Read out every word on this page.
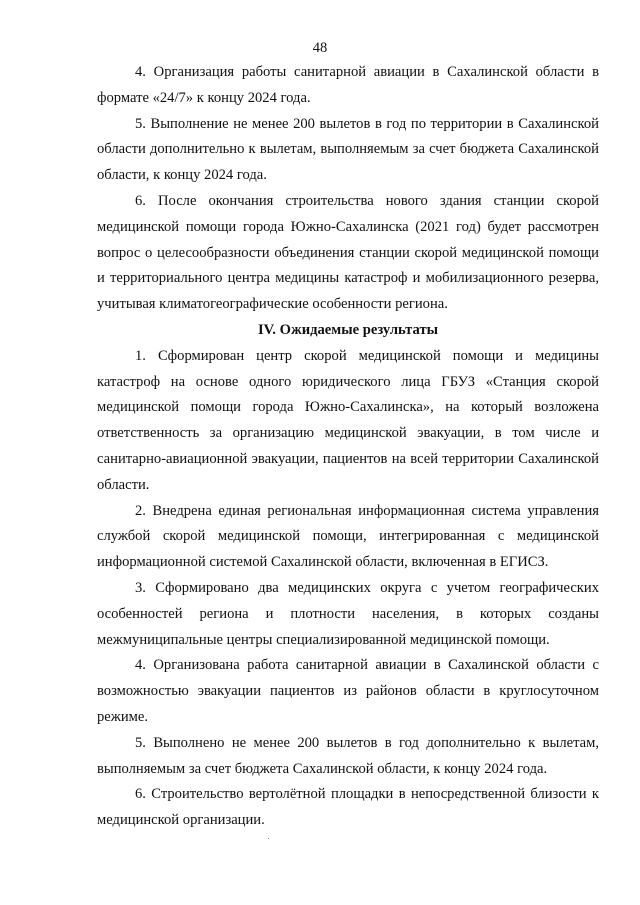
48

4. Организация работы санитарной авиации в Сахалинской области в формате «24/7» к концу 2024 года.

5. Выполнение не менее 200 вылетов в год по территории в Сахалинской области дополнительно к вылетам, выполняемым за счет бюджета Сахалинской области, к концу 2024 года.

6. После окончания строительства нового здания станции скорой медицинской помощи города Южно-Сахалинска (2021 год) будет рассмотрен вопрос о целесообразности объединения станции скорой медицинской помощи и территориального центра медицины катастроф и мобилизационного резерва, учитывая климатогеографические особенности региона.

IV. Ожидаемые результаты

1. Сформирован центр скорой медицинской помощи и медицины катастроф на основе одного юридического лица ГБУЗ «Станция скорой медицинской помощи города Южно-Сахалинска», на который возложена ответственность за организацию медицинской эвакуации, в том числе и санитарно-авиационной эвакуации, пациентов на всей территории Сахалинской области.

2. Внедрена единая региональная информационная система управления службой скорой медицинской помощи, интегрированная с медицинской информационной системой Сахалинской области, включенная в ЕГИСЗ.

3. Сформировано два медицинских округа с учетом географических особенностей региона и плотности населения, в которых созданы межмуниципальные центры специализированной медицинской помощи.

4. Организована работа санитарной авиации в Сахалинской области с возможностью эвакуации пациентов из районов области в круглосуточном режиме.

5. Выполнено не менее 200 вылетов в год дополнительно к вылетам, выполняемым за счет бюджета Сахалинской области, к концу 2024 года.

6. Строительство вертолётной площадки в непосредственной близости к медицинской организации.
